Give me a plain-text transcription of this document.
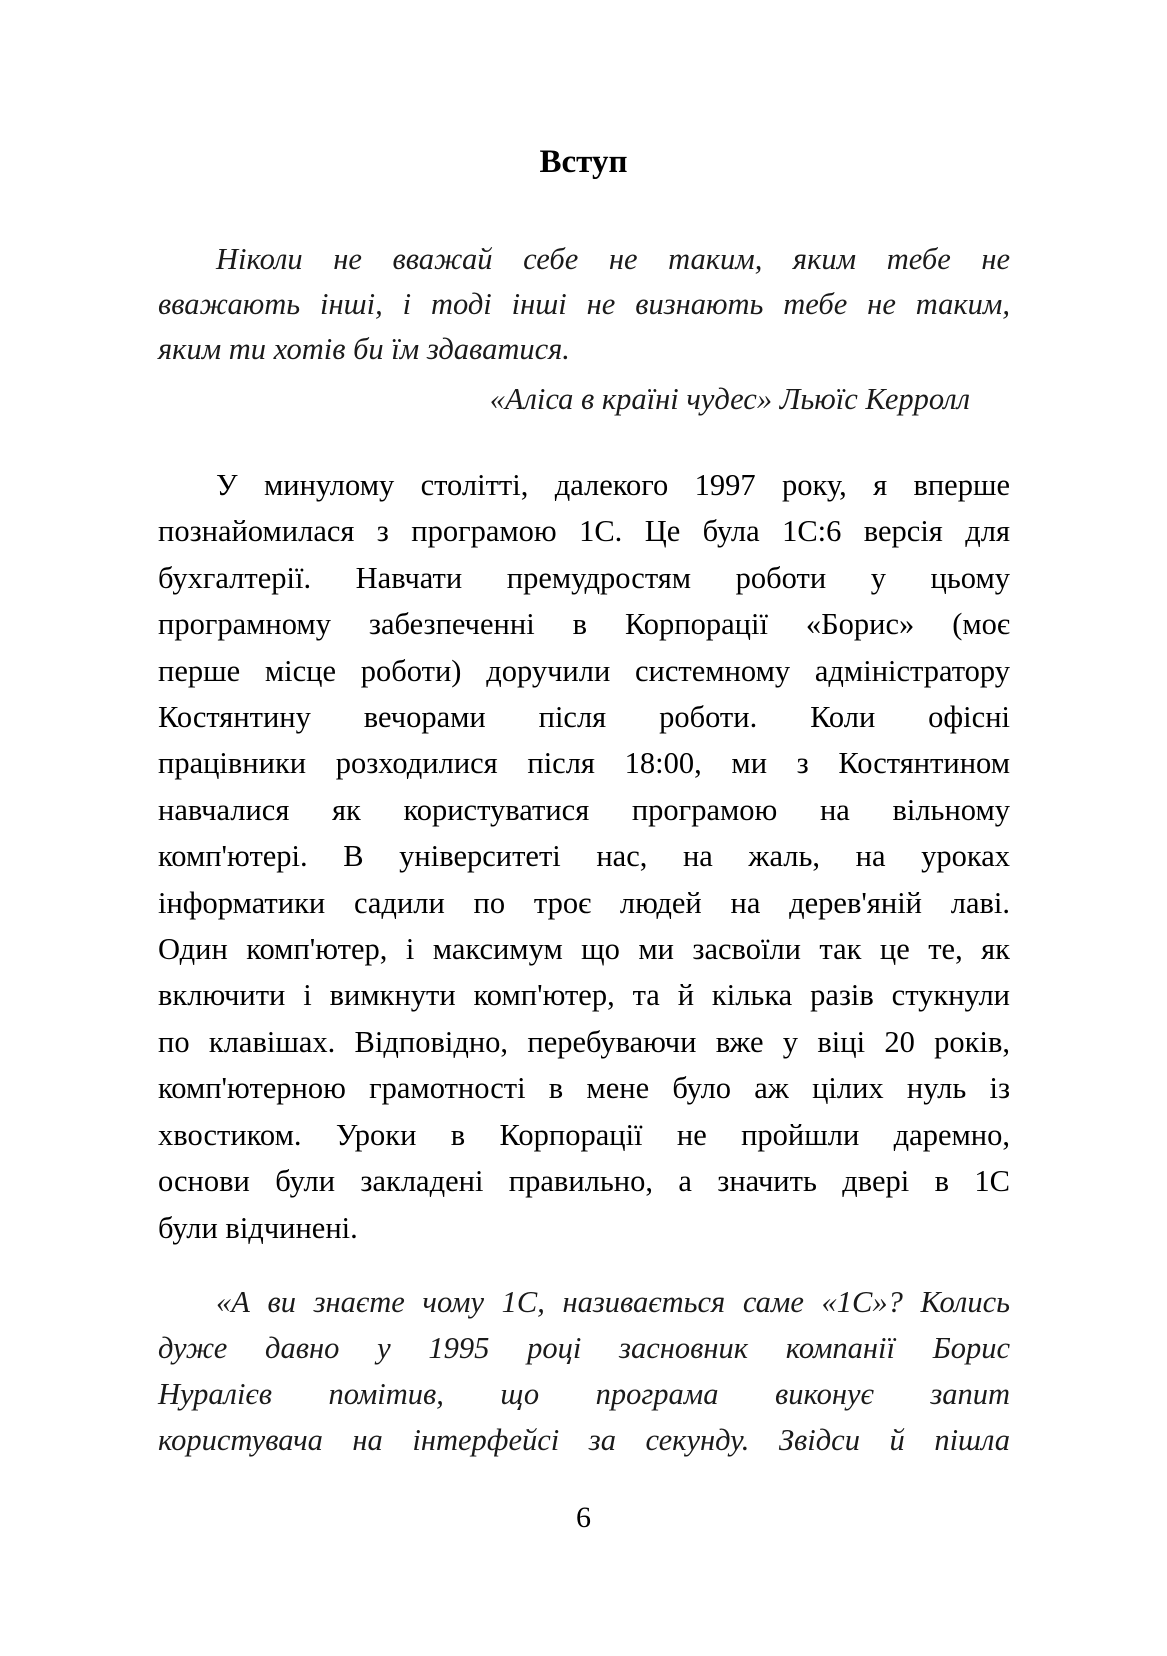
Вступ
Ніколи не вважай себе не таким, яким тебе не
вважають інші, і тоді інші не визнають тебе не таким,
яким ти хотів би їм здаватися.
«Аліса в країні чудес» Льюїс Керролл
У минулому столітті, далекого 1997 року, я вперше
познайомилася з програмою 1С. Це була 1С:6 версія для
бухгалтерії. Навчати премудростям роботи у цьому
програмному забезпеченні в Корпорації «Борис» (моє
перше місце роботи) доручили системному адміністратору
Костянтину вечорами після роботи. Коли офісні
працівники розходилися після 18:00, ми з Костянтином
навчалися як користуватися програмою на вільному
комп'ютері. В університеті нас, на жаль, на уроках
інформатики садили по троє людей на дерев'яній лаві.
Один комп'ютер, і максимум що ми засвоїли так це те, як
включити і вимкнути комп'ютер, та й кілька разів стукнули
по клавішах. Відповідно, перебуваючи вже у віці 20 років,
комп'ютерною грамотності в мене було аж цілих нуль із
хвостиком. Уроки в Корпорації не пройшли даремно,
основи були закладені правильно, а значить двері в 1С
були відчинені.
«А ви знаєте чому 1С, називається саме «1С»? Колись
дуже давно у 1995 році засновник компанії Борис
Нуралієв помітив, що програма виконує запит
користувача на інтерфейсі за секунду. Звідси й пішла
6
